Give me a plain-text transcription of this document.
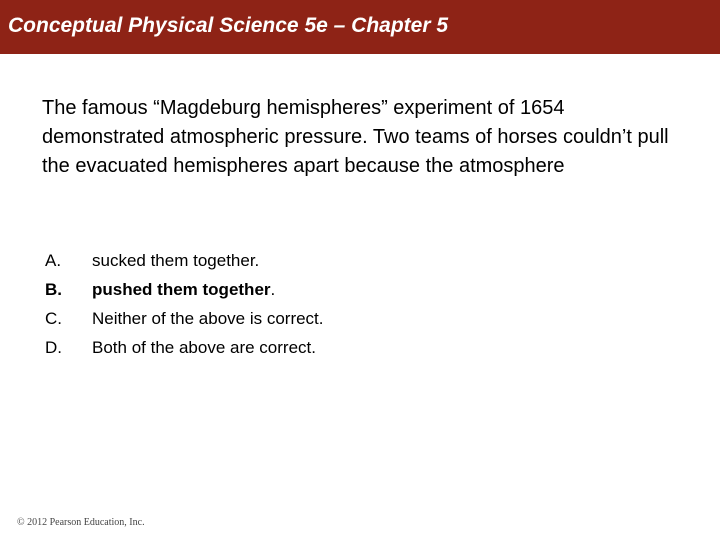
Conceptual Physical Science 5e – Chapter 5
The famous “Magdeburg hemispheres” experiment of 1654 demonstrated atmospheric pressure. Two teams of horses couldn’t pull the evacuated hemispheres apart because the atmosphere
A.	sucked them together.
B.	pushed them together.
C.	Neither of the above is correct.
D.	Both of the above are correct.
© 2012 Pearson Education, Inc.
